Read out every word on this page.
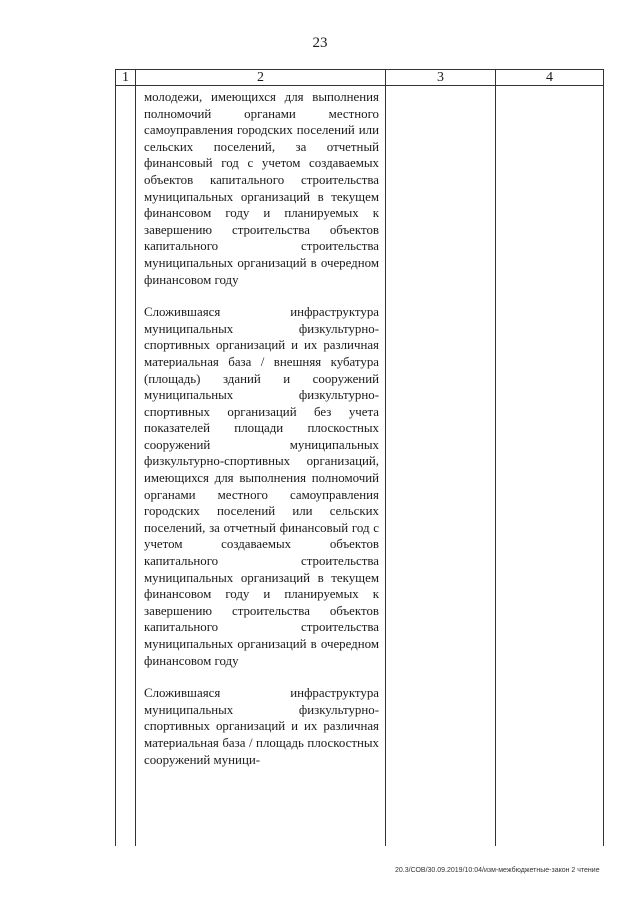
23
1	2	3	4

	молодежи, имеющихся для выполнения полномочий органами местного самоуправления городских поселений или сельских поселений, за отчетный финансовый год с учетом создаваемых объектов капитального строительства муниципальных организаций в текущем финансовом году и планируемых к завершению строительства объектов капитального строительства муниципальных организаций в очередном финансовом году

Сложившаяся инфраструктура муниципальных физкультурно-спортивных организаций и их различная материальная база / внешняя кубатура (площадь) зданий и сооружений муниципальных физкультурно-спортивных организаций без учета показателей площади плоскостных сооружений муниципальных физкультурно-спортивных организаций, имеющихся для выполнения полномочий органами местного самоуправления городских поселений или сельских поселений, за отчетный финансовый год с учетом создаваемых объектов капитального строительства муниципальных организаций в текущем финансовом году и планируемых к завершению строительства объектов капитального строительства муниципальных организаций в очередном финансовом году

Сложившаяся инфраструктура муниципальных физкультурно-спортивных организаций и их различная материальная база / площадь плоскостных сооружений муници-		

20.3/СОВ/30.09.2019/10:04/изм-межбюджетные-закон 2 чтение
